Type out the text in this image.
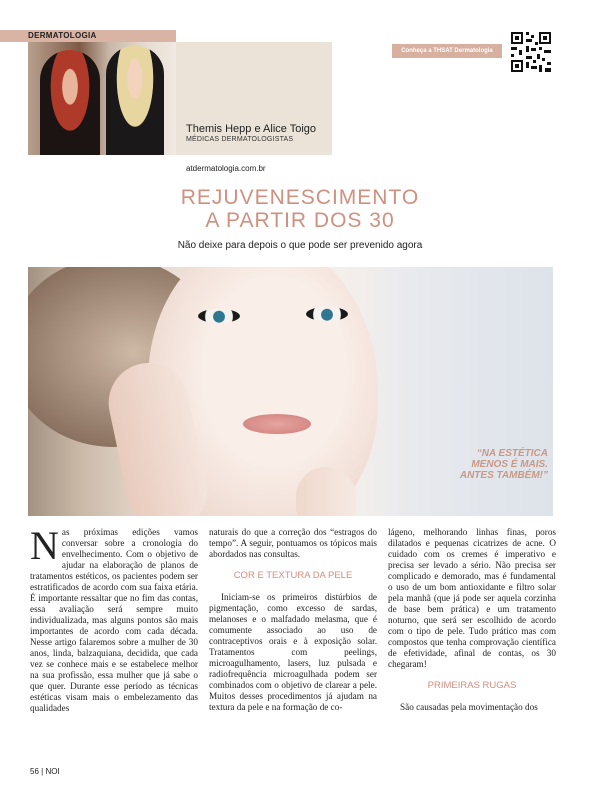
DERMATOLOGIA
Themis Hepp e Alice Toigo
MÉDICAS DERMATOLOGISTAS
atdermatologia.com.br
Conheça a THSAT Dermatologia
REJUVENESCIMENTO
A PARTIR DOS 30
Não deixe para depois o que pode ser prevenido agora
“NA ESTÉTICA
MENOS É MAIS.
ANTES TAMBÉM!”
N as próximas edições vamos conversar sobre a cronologia do envelhecimento. Com o objetivo de ajudar na elaboração de planos de tratamentos estéticos, os pacientes podem ser estratificados de acordo com sua faixa etária. É importante ressaltar que no fim das contas, essa avaliação será sempre muito individualizada, mas alguns pontos são mais importantes de acordo com cada década. Nesse artigo falaremos sobre a mulher de 30 anos, linda, balzaquiana, decidida, que cada vez se conhece mais e se estabelece melhor na sua profissão, essa mulher que já sabe o que quer. Durante esse período as técnicas estéticas visam mais o embelezamento das qualidades

naturais do que a correção dos “estragos do tempo”. A seguir, pontuamos os tópicos mais abordados nas consultas.

COR E TEXTURA DA PELE

Iniciam-se os primeiros distúrbios de pigmentação, como excesso de sardas, melanoses e o malfadado melasma, que é comumente associado ao uso de contraceptivos orais e à exposição solar. Tratamentos com peelings, microagulhamento, lasers, luz pulsada e radiofrequência microagulhada podem ser combinados com o objetivo de clarear a pele. Muitos desses procedimentos já ajudam na textura da pele e na formação de co-

lágeno, melhorando linhas finas, poros dilatados e pequenas cicatrizes de acne. O cuidado com os cremes é imperativo e precisa ser levado a sério. Não precisa ser complicado e demorado, mas é fundamental o uso de um bom antioxidante e filtro solar pela manhã (que já pode ser aquela corzinha de base bem prática) e um tratamento noturno, que será ser escolhido de acordo com o tipo de pele. Tudo prático mas com compostos que tenha comprovação científica de efetividade, afinal de contas, os 30 chegaram!

PRIMEIRAS RUGAS

São causadas pela movimentação dos

56 | NOI
